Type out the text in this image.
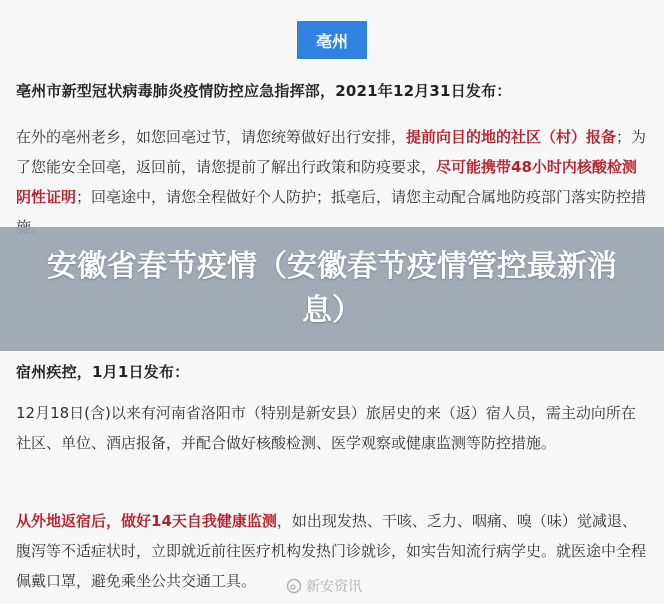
亳州
亳州市新型冠状病毒肺炎疫情防控应急指挥部，2021年12月31日发布：
在外的亳州老乡，如您回亳过节，请您统筹做好出行安排，提前向目的地的社区（村）报备；为了您能安全回亳，返回前，请您提前了解出行政策和防疫要求，尽可能携带48小时内核酸检测阴性证明；回亳途中，请您全程做好个人防护；抵亳后，请您主动配合属地防疫部门落实防控措
安徽省春节疫情（安徽春节疫情管控最新消息）
宿州疾控，1月1日发布：
12月18日(含)以来有河南省洛阳市（特别是新安县）旅居史的来（返）宿人员，需主动向所在社区、单位、酒店报备，并配合做好核酸检测、医学观察或健康监测等防控措施。
从外地返宿后，做好14天自我健康监测，如出现发热、干咳、乏力、咽痛、嗅（味）觉减退、腹泻等不适症状时，立即就近前往医疗机构发热门诊就诊，如实告知流行病学史。就医途中全程佩戴口罩，避免乘坐公共交通工具。	新安资讯
